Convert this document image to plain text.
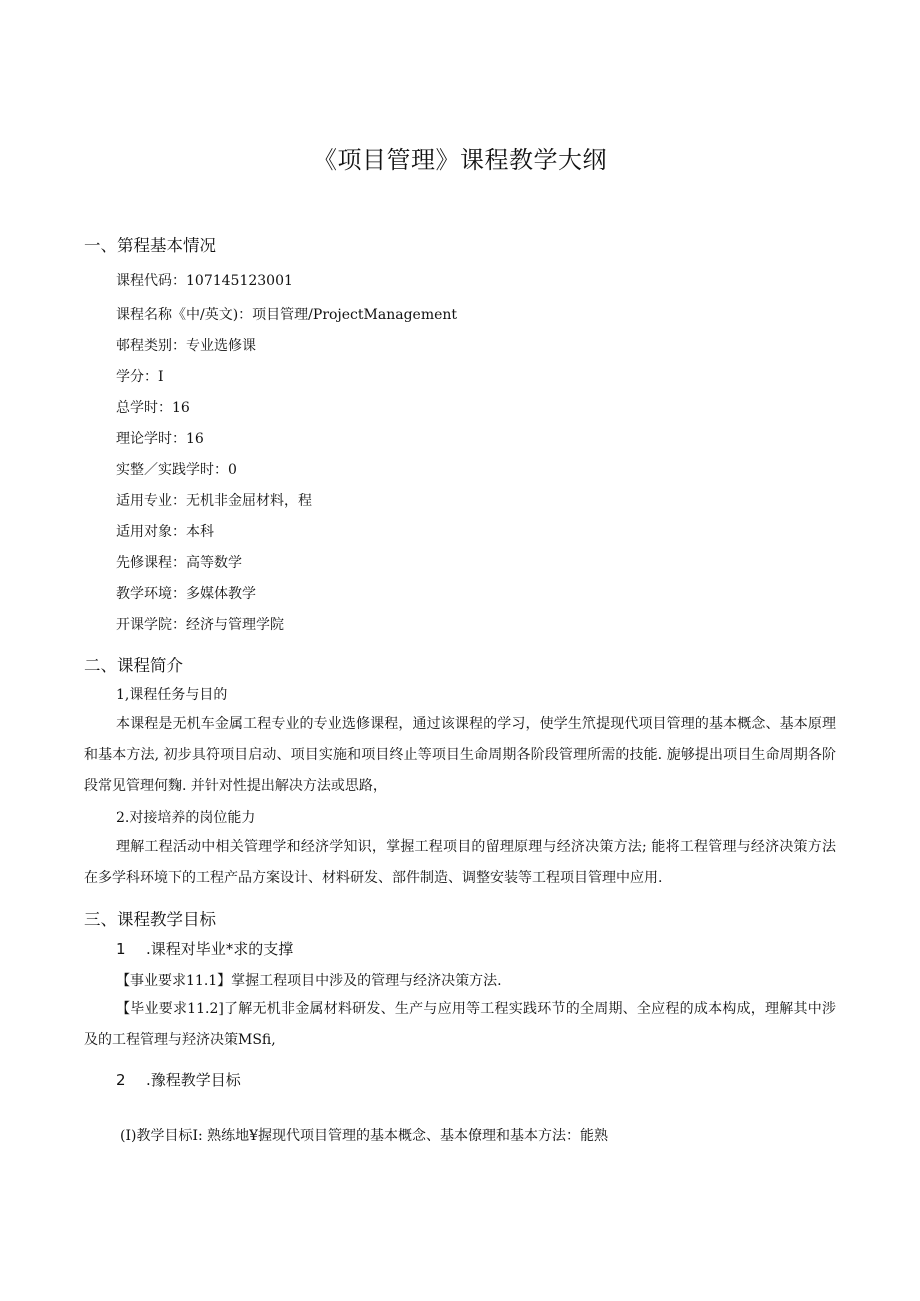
《项目管理》课程教学大纲
一、第程基本情况
课程代码：107145123001
课程名称《中/英文)：项目管理/ProjectManagement
邨程类别：专业选修课
学分：I
总学时：16
理论学时：16
实整／实践学时：0
适用专业：无机非金屈材料，程
适用对象：本科
先修课程：高等数学
教学环境：多媒体教学
开课学院：经济与管理学院
二、课程简介
1,课程任务与目的
本课程是无机车金属工程专业的专业选修课程，通过该课程的学习，使学生笊提现代项目管理的基本概念、基本原理和基本方法, 初步具符项目启动、项目实施和项目终止等项目生命周期各阶段管理所需的技能. 旎够提出项目生命周期各阶段常见管理何麴. 并针对性提出解决方法或思路，
2.对接培养的岗位能力
理解工程活动中相关管理学和经济学知识，掌握工程项目的留理原理与经济决策方法; 能将工程管理与经济决策方法在多学科环境下的工程产品方案设计、材料研发、部件制造、调整安装等工程项目管理中应用.
三、课程教学目标
1 .课程对毕业*求的支撑
【事业要求11.1】掌握工程项目中涉及的管理与经济决策方法.
【毕业要求11.2]了解无机非金属材料研发、生产与应用等工程实践环节的全周期、全应程的成本构成，理解其中涉及的工程管理与羟济决策MSfi,
2 .豫程教学目标
(I)教学目标I: 熟练地¥握现代项目管理的基本概念、基本僚理和基本方法：能熟
